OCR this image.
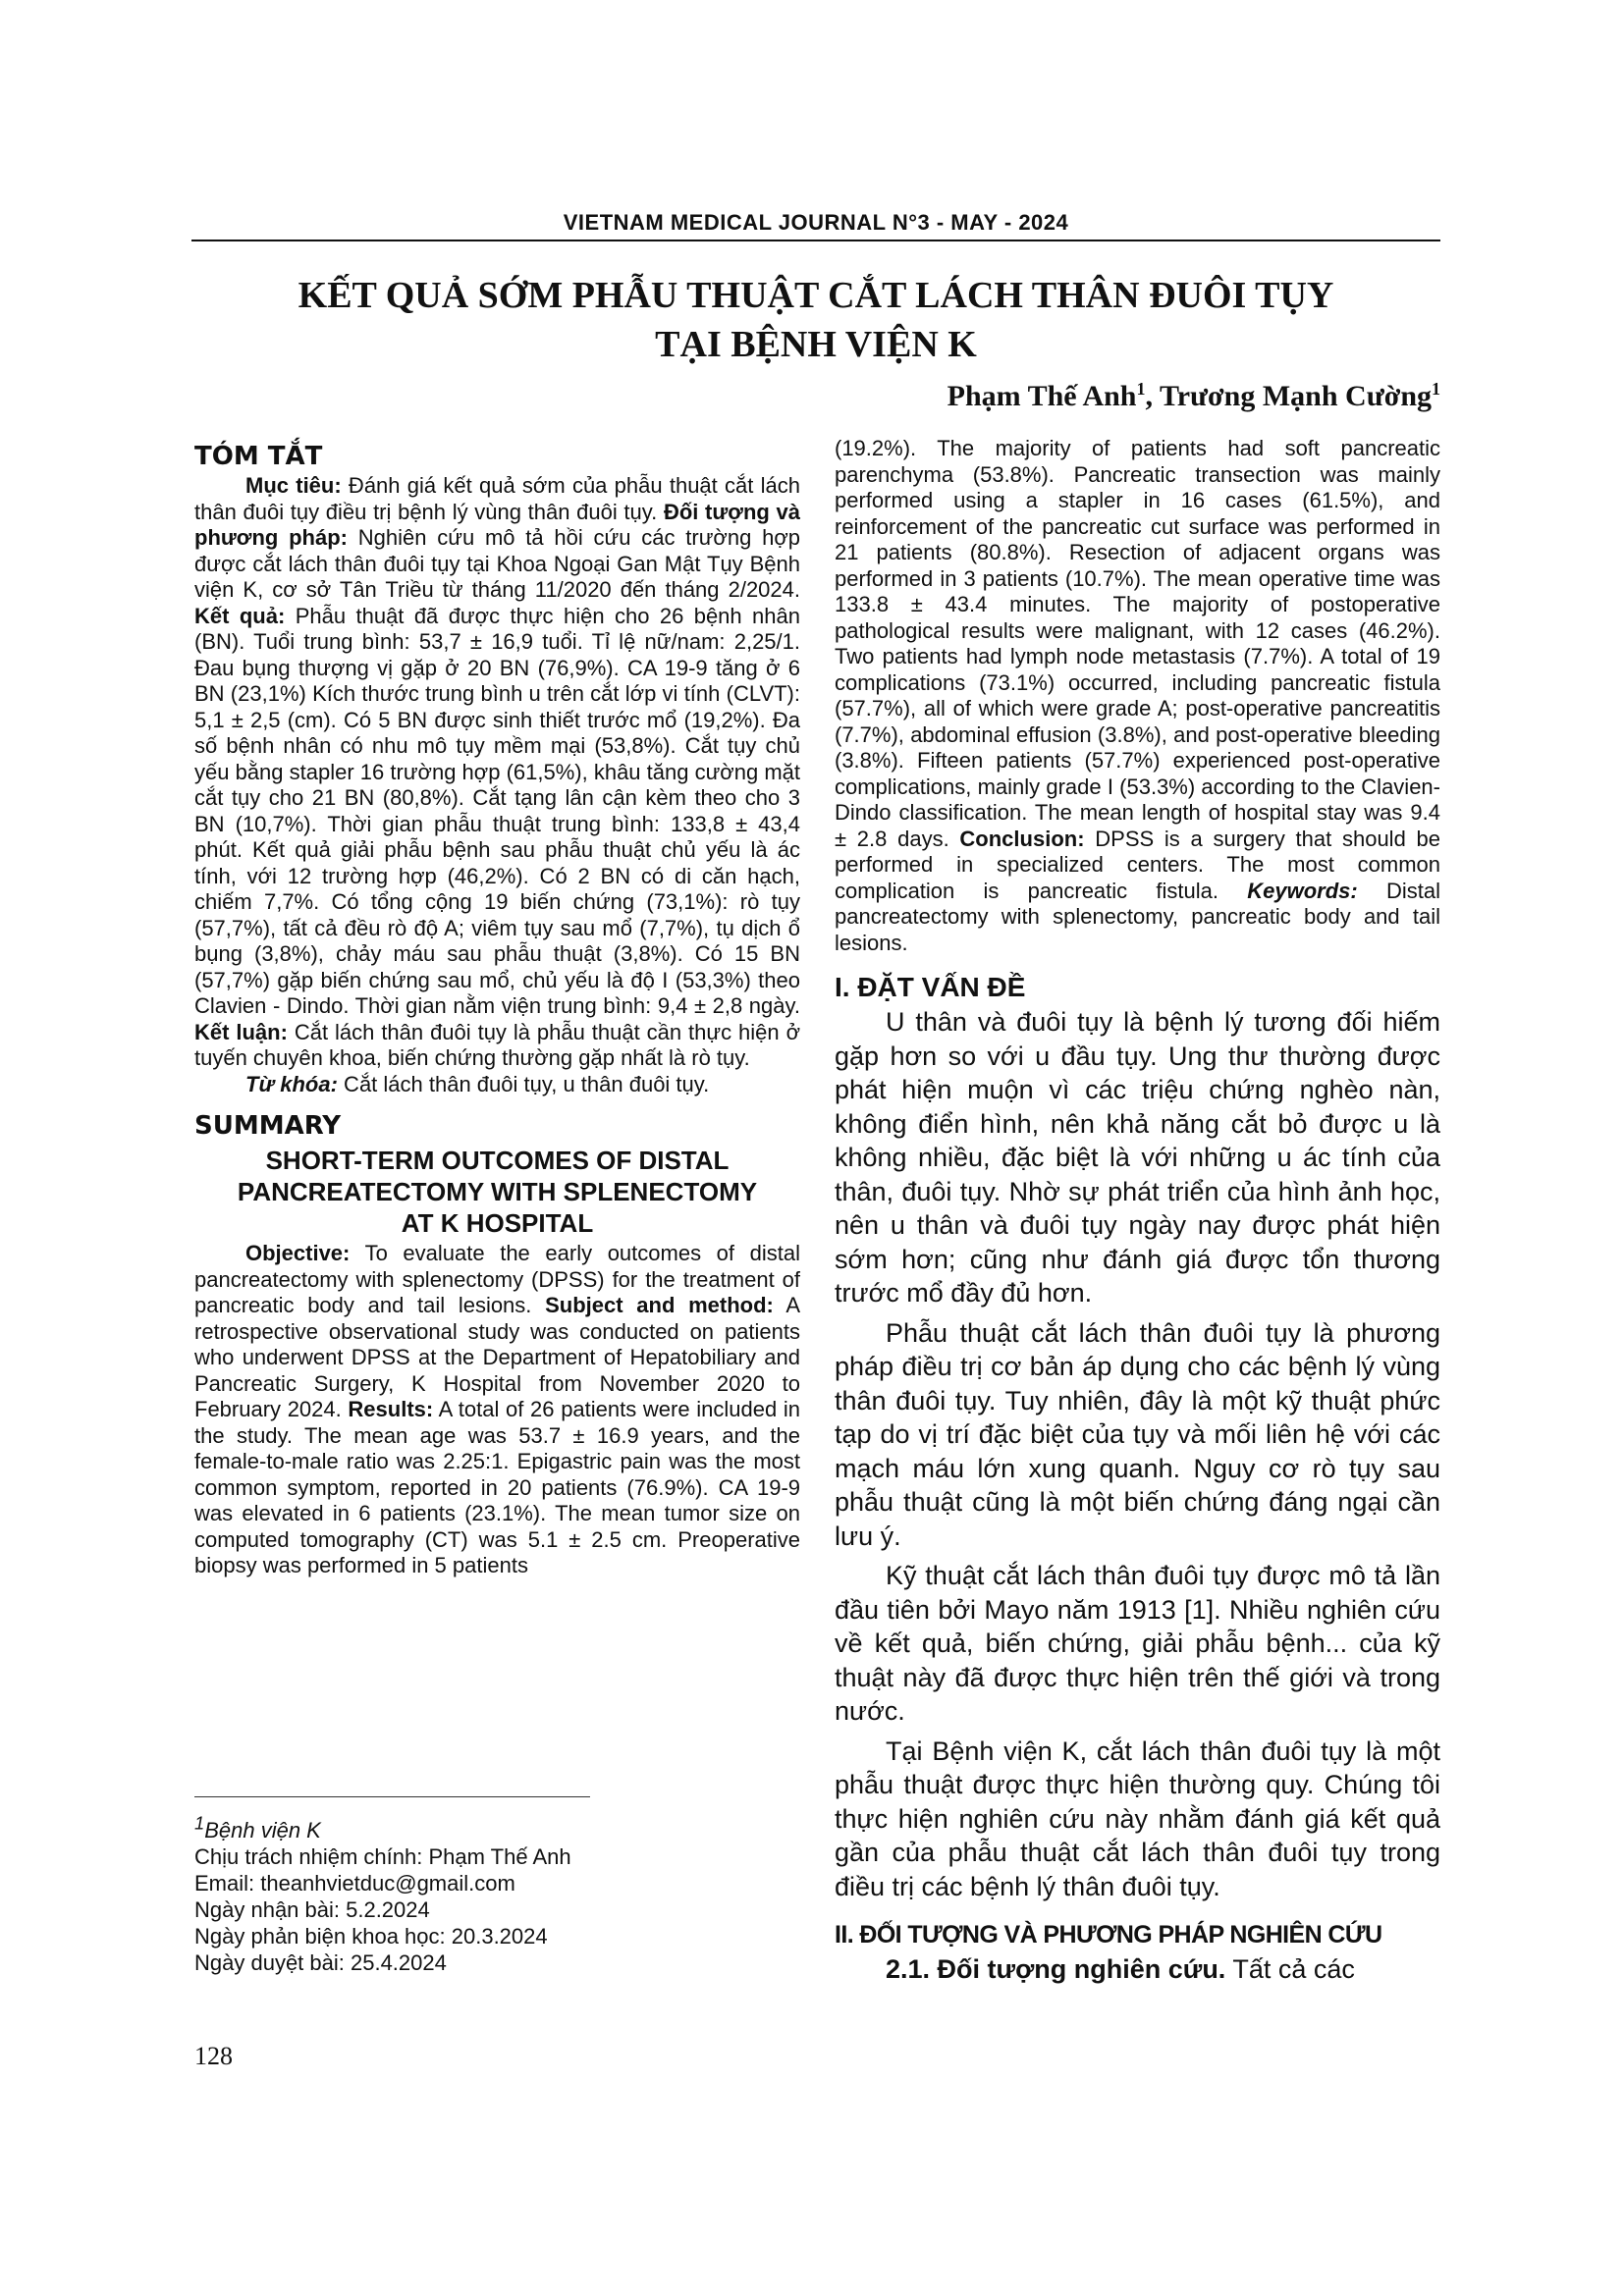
VIETNAM MEDICAL JOURNAL N°3 - MAY - 2024
KẾT QUẢ SỚM PHẪU THUẬT CẮT LÁCH THÂN ĐUÔI TỤY
TẠI BỆNH VIỆN K
Phạm Thế Anh$^1$, Trương Mạnh Cường$^1$
TÓM TẮT

Mục tiêu: Đánh giá kết quả sớm của phẫu thuật cắt lách thân đuôi tụy điều trị bệnh lý vùng thân đuôi tụy. Đối tượng và phương pháp: Nghiên cứu mô tả hồi cứu các trường hợp được cắt lách thân đuôi tụy tại Khoa Ngoại Gan Mật Tụy Bệnh viện K, cơ sở Tân Triều từ tháng 11/2020 đến tháng 2/2024. Kết quả: Phẫu thuật đã được thực hiện cho 26 bệnh nhân (BN). Tuổi trung bình: 53,7 ± 16,9 tuổi. Tỉ lệ nữ/nam: 2,25/1. Đau bụng thượng vị gặp ở 20 BN (76,9%). CA 19-9 tăng ở 6 BN (23,1%) Kích thước trung bình u trên cắt lớp vi tính (CLVT): 5,1 ± 2,5 (cm). Có 5 BN được sinh thiết trước mổ (19,2%). Đa số bệnh nhân có nhu mô tụy mềm mại (53,8%). Cắt tụy chủ yếu bằng stapler 16 trường hợp (61,5%), khâu tăng cường mặt cắt tụy cho 21 BN (80,8%). Cắt tạng lân cận kèm theo cho 3 BN (10,7%). Thời gian phẫu thuật trung bình: 133,8 ± 43,4 phút. Kết quả giải phẫu bệnh sau phẫu thuật chủ yếu là ác tính, với 12 trường hợp (46,2%). Có 2 BN có di căn hạch, chiếm 7,7%. Có tổng cộng 19 biến chứng (73,1%): rò tụy (57,7%), tất cả đều rò độ A; viêm tụy sau mổ (7,7%), tụ dịch ổ bụng (3,8%), chảy máu sau phẫu thuật (3,8%). Có 15 BN (57,7%) gặp biến chứng sau mổ, chủ yếu là độ I (53,3%) theo Clavien - Dindo. Thời gian nằm viện trung bình: 9,4 ± 2,8 ngày. Kết luận: Cắt lách thân đuôi tụy là phẫu thuật cần thực hiện ở tuyến chuyên khoa, biến chứng thường gặp nhất là rò tụy.

Từ khóa: Cắt lách thân đuôi tụy, u thân đuôi tụy.

SUMMARY
SHORT-TERM OUTCOMES OF DISTAL
PANCREATECTOMY WITH SPLENECTOMY
AT K HOSPITAL

Objective: To evaluate the early outcomes of distal pancreatectomy with splenectomy (DPSS) for the treatment of pancreatic body and tail lesions. Subject and method: A retrospective observational study was conducted on patients who underwent DPSS at the Department of Hepatobiliary and Pancreatic Surgery, K Hospital from November 2020 to February 2024. Results: A total of 26 patients were included in the study. The mean age was 53.7 ± 16.9 years, and the female-to-male ratio was 2.25:1. Epigastric pain was the most common symptom, reported in 20 patients (76.9%). CA 19-9 was elevated in 6 patients (23.1%). The mean tumor size on computed tomography (CT) was 5.1 ± 2.5 cm. Preoperative biopsy was performed in 5 patients

$^1$Bệnh viện K
Chịu trách nhiệm chính: Phạm Thế Anh
Email: theanhvietduc@gmail.com
Ngày nhận bài: 5.2.2024
Ngày phản biện khoa học: 20.3.2024
Ngày duyệt bài: 25.4.2024
128

(19.2%). The majority of patients had soft pancreatic parenchyma (53.8%). Pancreatic transection was mainly performed using a stapler in 16 cases (61.5%), and reinforcement of the pancreatic cut surface was performed in 21 patients (80.8%). Resection of adjacent organs was performed in 3 patients (10.7%). The mean operative time was 133.8 ± 43.4 minutes. The majority of postoperative pathological results were malignant, with 12 cases (46.2%). Two patients had lymph node metastasis (7.7%). A total of 19 complications (73.1%) occurred, including pancreatic fistula (57.7%), all of which were grade A; post-operative pancreatitis (7.7%), abdominal effusion (3.8%), and post-operative bleeding (3.8%). Fifteen patients (57.7%) experienced post-operative complications, mainly grade I (53.3%) according to the Clavien-Dindo classification. The mean length of hospital stay was 9.4 ± 2.8 days. Conclusion: DPSS is a surgery that should be performed in specialized centers. The most common complication is pancreatic fistula. Keywords: Distal pancreatectomy with splenectomy, pancreatic body and tail lesions.

I. ĐẶT VẤN ĐỀ

U thân và đuôi tụy là bệnh lý tương đối hiếm gặp hơn so với u đầu tụy. Ung thư thường được phát hiện muộn vì các triệu chứng nghèo nàn, không điển hình, nên khả năng cắt bỏ được u là không nhiều, đặc biệt là với những u ác tính của thân, đuôi tụy. Nhờ sự phát triển của hình ảnh học, nên u thân và đuôi tụy ngày nay được phát hiện sớm hơn; cũng như đánh giá được tổn thương trước mổ đầy đủ hơn.

Phẫu thuật cắt lách thân đuôi tụy là phương pháp điều trị cơ bản áp dụng cho các bệnh lý vùng thân đuôi tụy. Tuy nhiên, đây là một kỹ thuật phức tạp do vị trí đặc biệt của tụy và mối liên hệ với các mạch máu lớn xung quanh. Nguy cơ rò tụy sau phẫu thuật cũng là một biến chứng đáng ngại cần lưu ý.

Kỹ thuật cắt lách thân đuôi tụy được mô tả lần đầu tiên bởi Mayo năm 1913 [1]. Nhiều nghiên cứu về kết quả, biến chứng, giải phẫu bệnh... của kỹ thuật này đã được thực hiện trên thế giới và trong nước.

Tại Bệnh viện K, cắt lách thân đuôi tụy là một phẫu thuật được thực hiện thường quy. Chúng tôi thực hiện nghiên cứu này nhằm đánh giá kết quả gần của phẫu thuật cắt lách thân đuôi tụy trong điều trị các bệnh lý thân đuôi tụy.

II. ĐỐI TƯỢNG VÀ PHƯƠNG PHÁP NGHIÊN CỨU

2.1. Đối tượng nghiên cứu. Tất cả các
